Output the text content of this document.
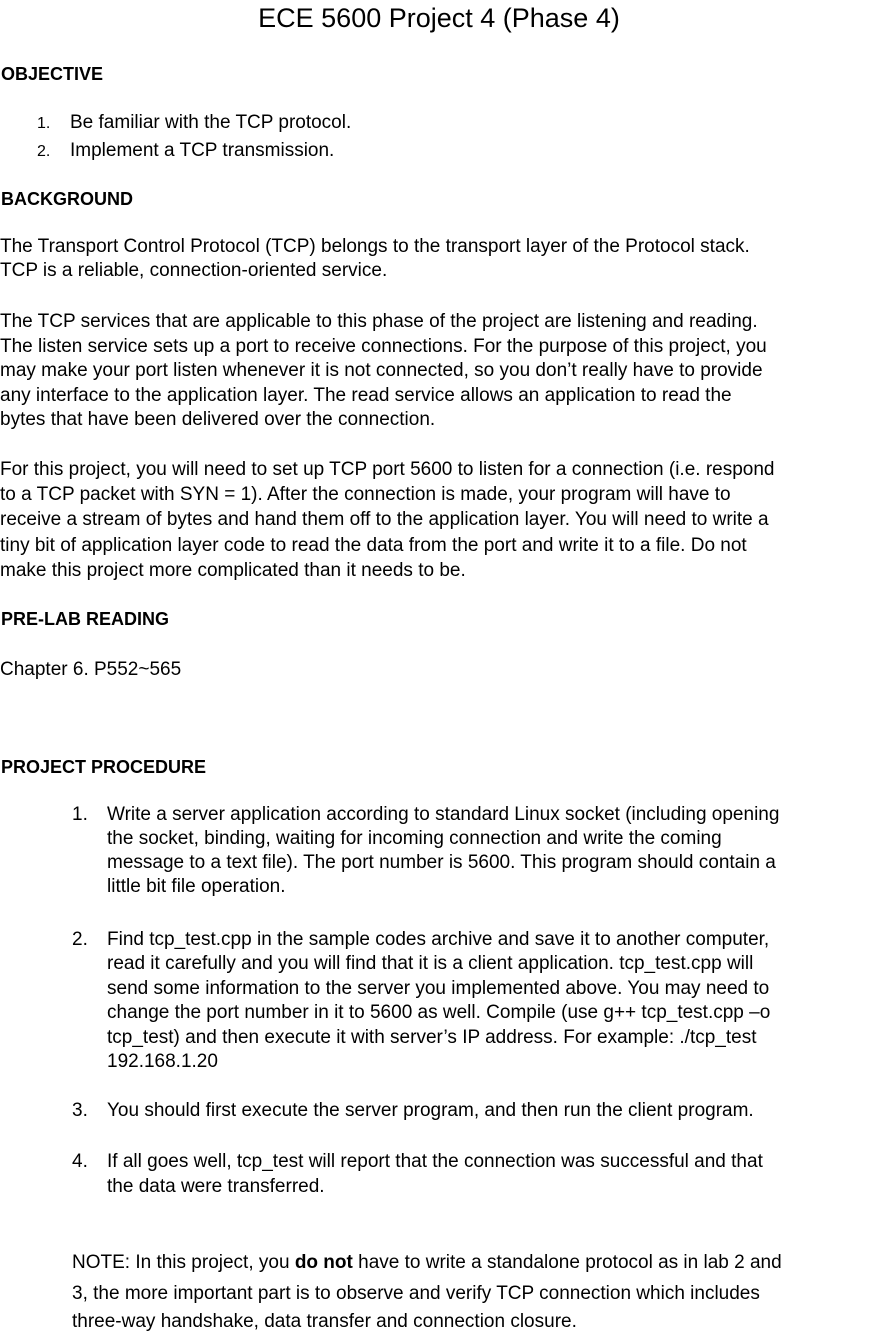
ECE 5600 Project 4 (Phase 4)
OBJECTIVE
1. Be familiar with the TCP protocol.
2. Implement a TCP transmission.
BACKGROUND
The Transport Control Protocol (TCP) belongs to the transport layer of the Protocol stack.
TCP is a reliable, connection-oriented service.
The TCP services that are applicable to this phase of the project are listening and reading.
The listen service sets up a port to receive connections. For the purpose of this project, you
may make your port listen whenever it is not connected, so you don’t really have to provide
any interface to the application layer. The read service allows an application to read the
bytes that have been delivered over the connection.
For this project, you will need to set up TCP port 5600 to listen for a connection (i.e. respond
to a TCP packet with SYN = 1). After the connection is made, your program will have to
receive a stream of bytes and hand them off to the application layer. You will need to write a
tiny bit of application layer code to read the data from the port and write it to a file. Do not
make this project more complicated than it needs to be.
PRE-LAB READING
Chapter 6. P552~565
PROJECT PROCEDURE
1. Write a server application according to standard Linux socket (including opening
the socket, binding, waiting for incoming connection and write the coming
message to a text file). The port number is 5600. This program should contain a
little bit file operation.
2. Find tcp_test.cpp in the sample codes archive and save it to another computer,
read it carefully and you will find that it is a client application. tcp_test.cpp will
send some information to the server you implemented above. You may need to
change the port number in it to 5600 as well. Compile (use g++ tcp_test.cpp –o
tcp_test) and then execute it with server’s IP address. For example: ./tcp_test
192.168.1.20
3. You should first execute the server program, and then run the client program.
4. If all goes well, tcp_test will report that the connection was successful and that
the data were transferred.
NOTE: In this project, you do not have to write a standalone protocol as in lab 2 and
3, the more important part is to observe and verify TCP connection which includes
three-way handshake, data transfer and connection closure.
